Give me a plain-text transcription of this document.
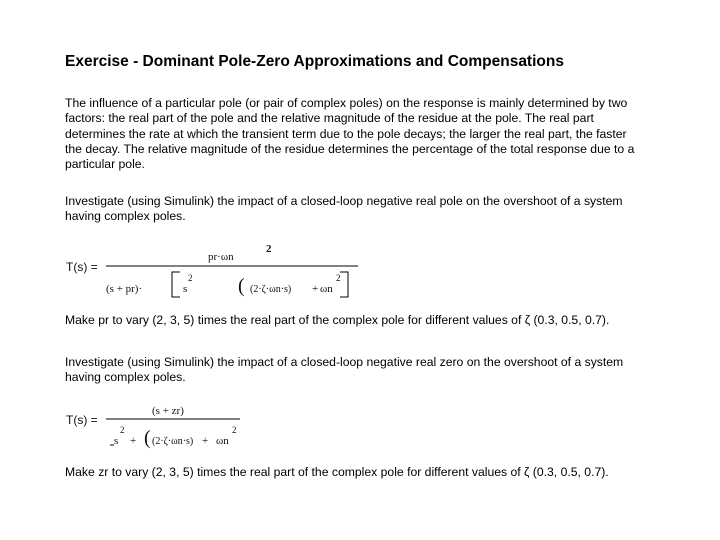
Exercise - Dominant Pole-Zero Approximations and Compensations

The influence of a particular pole (or pair of complex poles) on the response is mainly determined by two factors: the real part of the pole and the relative magnitude of the residue at the pole. The real part determines the rate at which the transient term due to the pole decays; the larger the real part, the faster the decay. The relative magnitude of the residue determines the percentage of the total response due to a particular pole.

Investigate (using Simulink) the impact of a closed-loop negative real pole on the overshoot of a system having complex poles.

T(s) =
pr·ωn
2
(s + pr)·	s
2 ( (2·ζ·ωn·s) + ωn
2

Make pr to vary (2, 3, 5) times the real part of the complex pole for different values of ζ (0.3, 0.5, 0.7).

Investigate (using Simulink) the impact of a closed-loop negative real zero on the overshoot of a system having complex poles.

T(s) =
(s + zr)
s
2
+ ( (2·ζ·ωn·s) + ωn
2

Make zr to vary (2, 3, 5) times the real part of the complex pole for different values of ζ (0.3, 0.5, 0.7).
